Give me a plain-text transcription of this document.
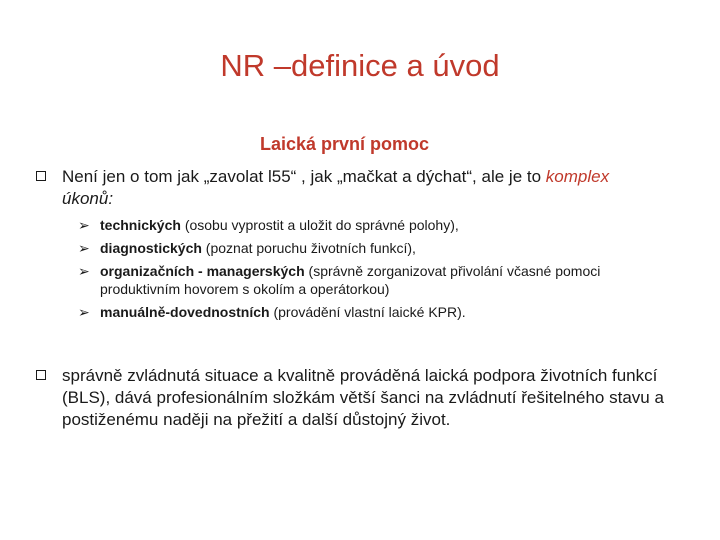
NR –definice a úvod
Laická první pomoc
Není jen o tom jak „zavolat l55“ , jak „mačkat a dýchat“, ale je to komplex
úkonů:
➢ technických (osobu vyprostit a uložit do správné polohy),
➢ diagnostických (poznat poruchu životních funkcí),
➢ organizačních - managerských (správně zorganizovat přivolání včasné pomoci produktivním hovorem s okolím a operátorkou)
➢ manuálně-dovednostních (provádění vlastní laické KPR).
správně zvládnutá situace a kvalitně prováděná laická podpora životních funkcí (BLS), dává profesionálním složkám větší šanci na zvládnutí řešitelného stavu a postiženému naději na přežití a další důstojný život.
